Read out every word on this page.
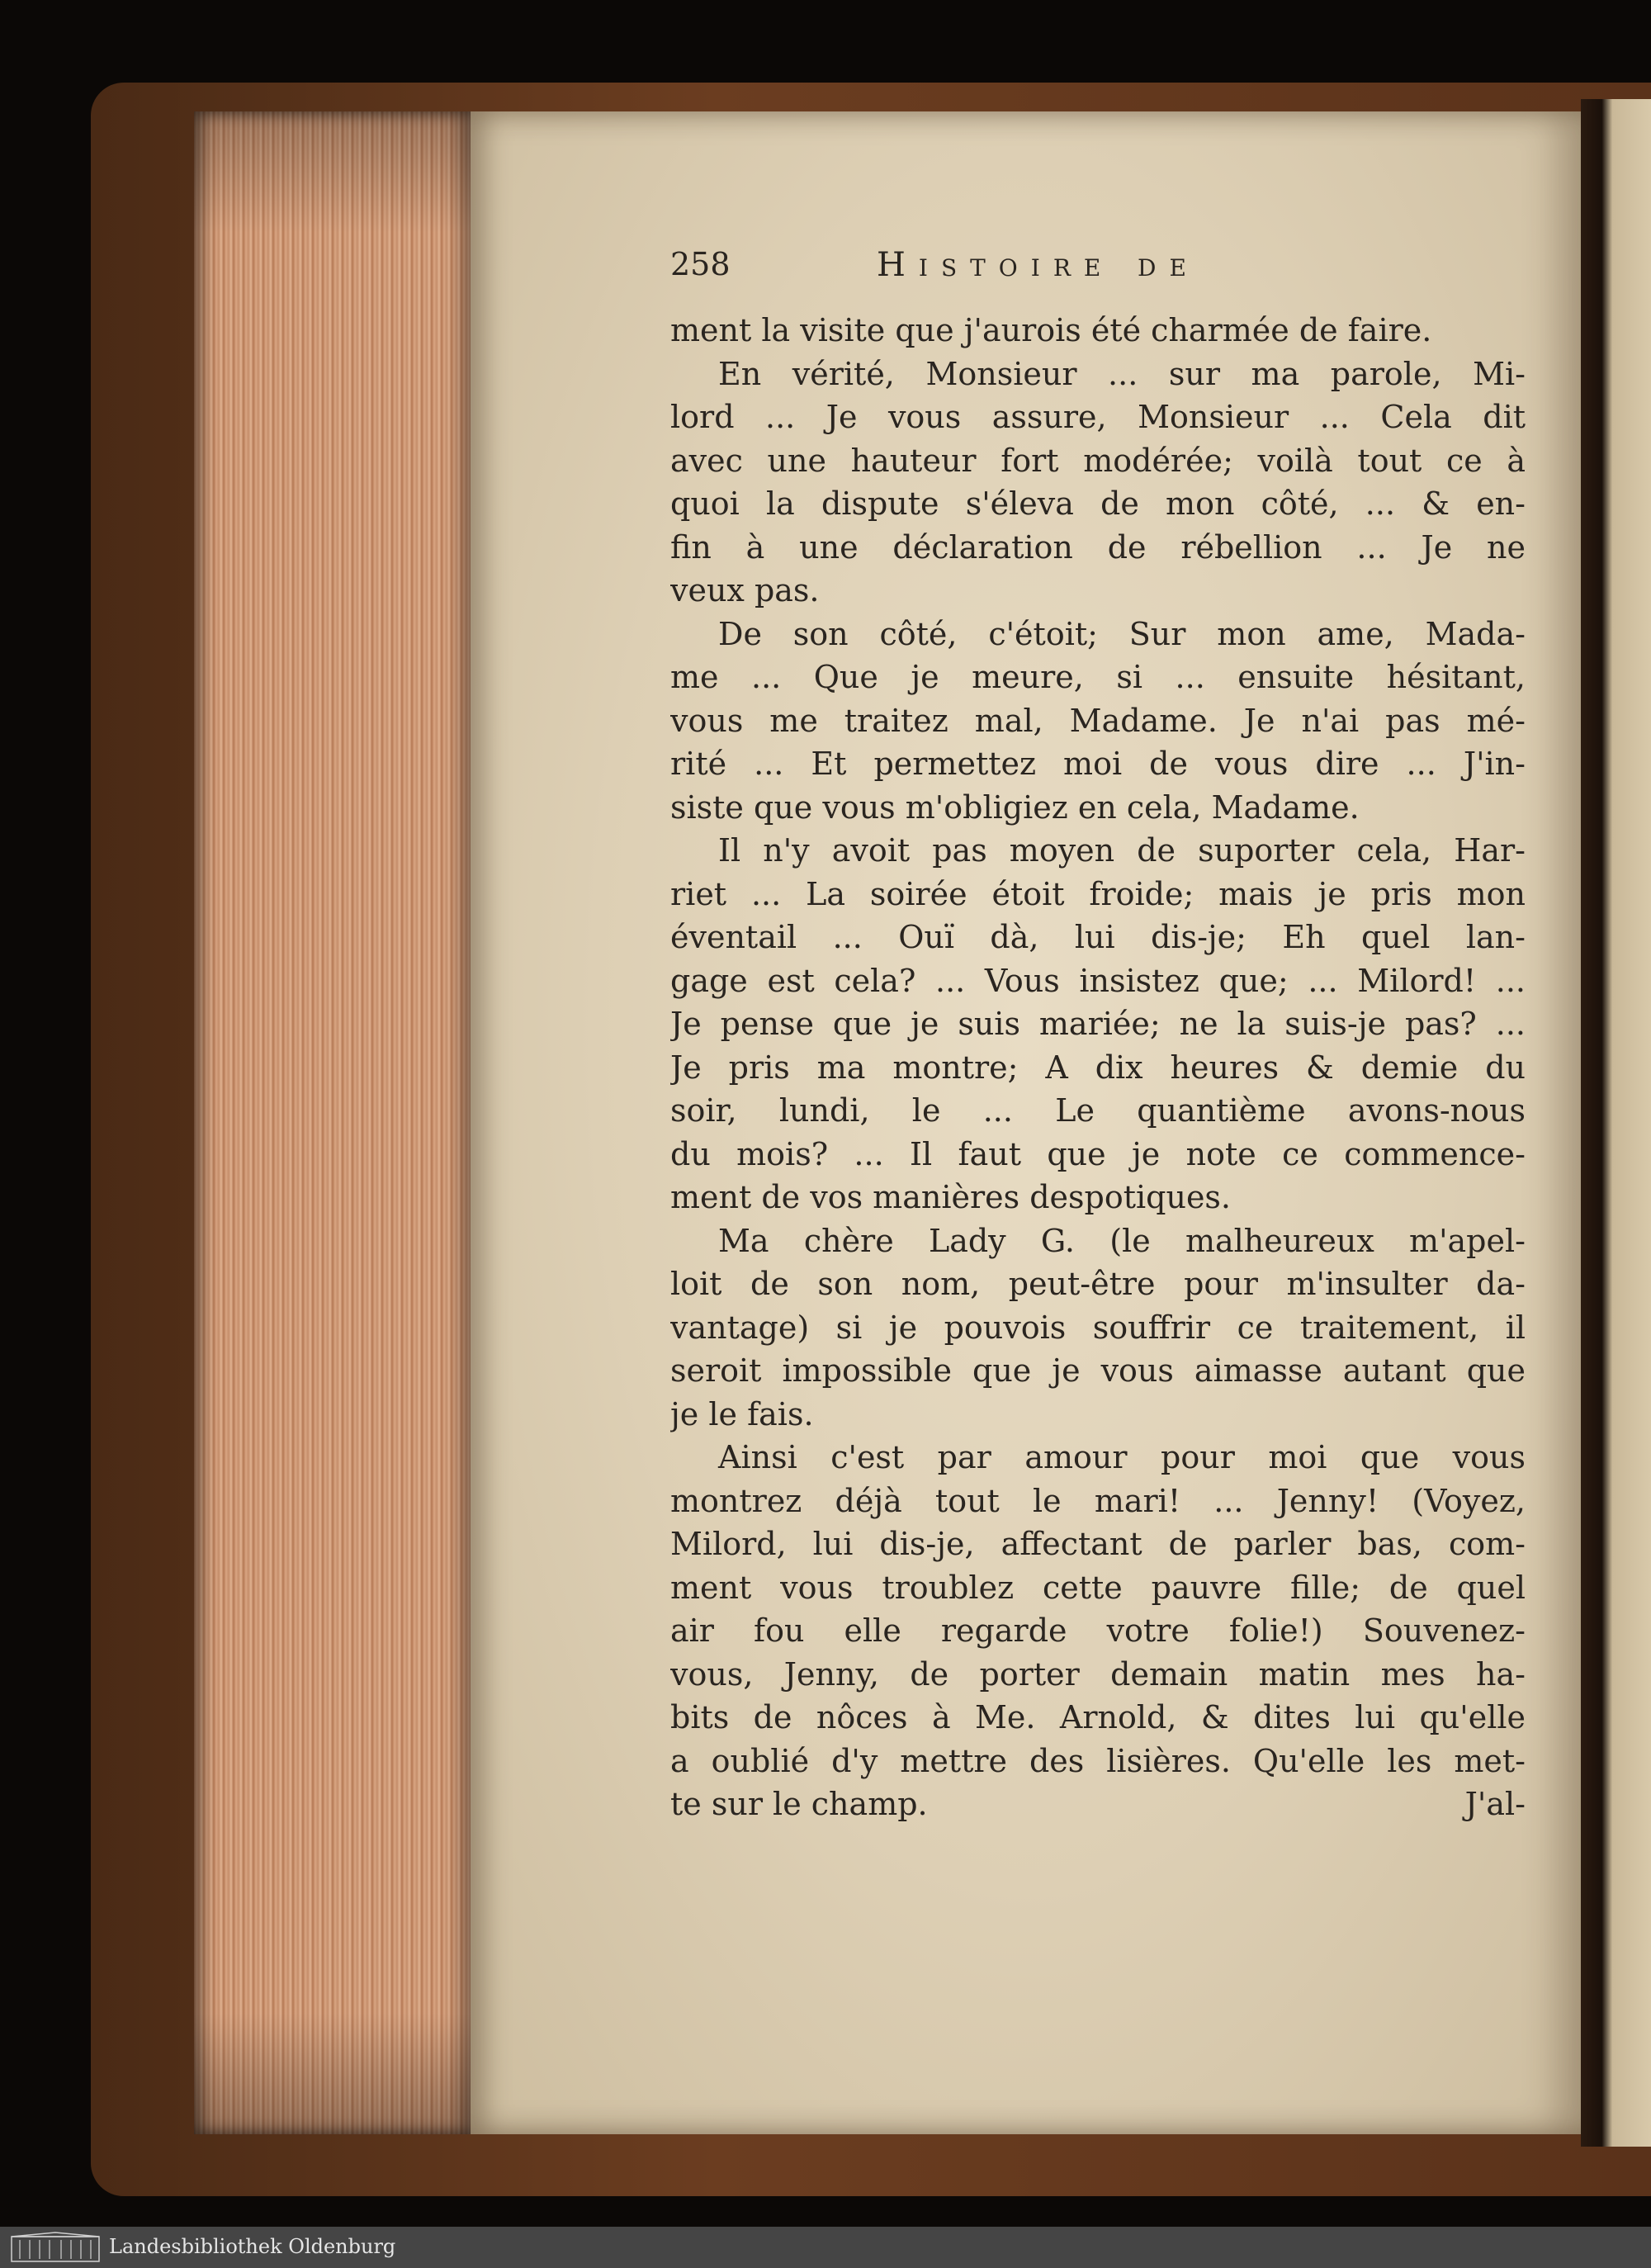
258	Histoire de
ment la visite que j'aurois été charmée de faire.
En vérité, Monsieur ... sur ma parole, Mi-
lord ... Je vous assure, Monsieur ... Cela dit
avec une hauteur fort modérée; voilà tout ce à
quoi la dispute s'éleva de mon côté, ... & en-
fin à une déclaration de rébellion ... Je ne
veux pas.
De son côté, c'étoit; Sur mon ame, Mada-
me ... Que je meure, si ... ensuite hésitant,
vous me traitez mal, Madame. Je n'ai pas mé-
rité ... Et permettez moi de vous dire ... J'in-
siste que vous m'obligiez en cela, Madame.
Il n'y avoit pas moyen de suporter cela, Har-
riet ... La soirée étoit froide; mais je pris mon
éventail ... Ouï dà, lui dis-je; Eh quel lan-
gage est cela? ... Vous insistez que; ... Milord! ...
Je pense que je suis mariée; ne la suis-je pas? ...
Je pris ma montre; A dix heures & demie du
soir, lundi, le ... Le quantième avons-nous
du mois? ... Il faut que je note ce commence-
ment de vos manières despotiques.
Ma chère Lady G. (le malheureux m'apel-
loit de son nom, peut-être pour m'insulter da-
vantage) si je pouvois souffrir ce traitement, il
seroit impossible que je vous aimasse autant que
je le fais.
Ainsi c'est par amour pour moi que vous
montrez déjà tout le mari! ... Jenny! (Voyez,
Milord, lui dis-je, affectant de parler bas, com-
ment vous troublez cette pauvre fille; de quel
air fou elle regarde votre folie!) Souvenez-
vous, Jenny, de porter demain matin mes ha-
bits de nôces à Me. Arnold, & dites lui qu'elle
a oublié d'y mettre des lisières. Qu'elle les met-
te sur le champ.	J'al-
Landesbibliothek Oldenburg
